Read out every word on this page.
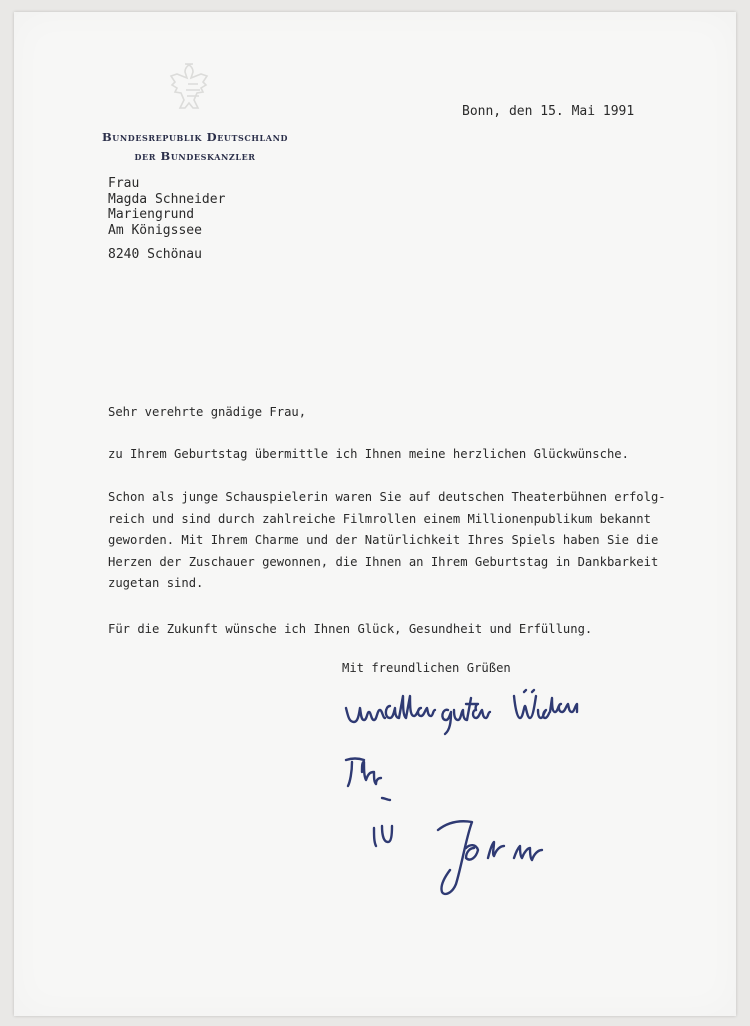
Bundesrepublik Deutschland
der Bundeskanzler
Bonn, den 15. Mai 1991
Frau
Magda Schneider
Mariengrund
Am Königssee
8240 Schönau
Sehr verehrte gnädige Frau,
zu Ihrem Geburtstag übermittle ich Ihnen meine herzlichen Glückwünsche.
Schon als junge Schauspielerin waren Sie auf deutschen Theaterbühnen erfolg-
reich und sind durch zahlreiche Filmrollen einem Millionenpublikum bekannt
geworden. Mit Ihrem Charme und der Natürlichkeit Ihres Spiels haben Sie die
Herzen der Zuschauer gewonnen, die Ihnen an Ihrem Geburtstag in Dankbarkeit
zugetan sind.
Für die Zukunft wünsche ich Ihnen Glück, Gesundheit und Erfüllung.
Mit freundlichen Grüßen
